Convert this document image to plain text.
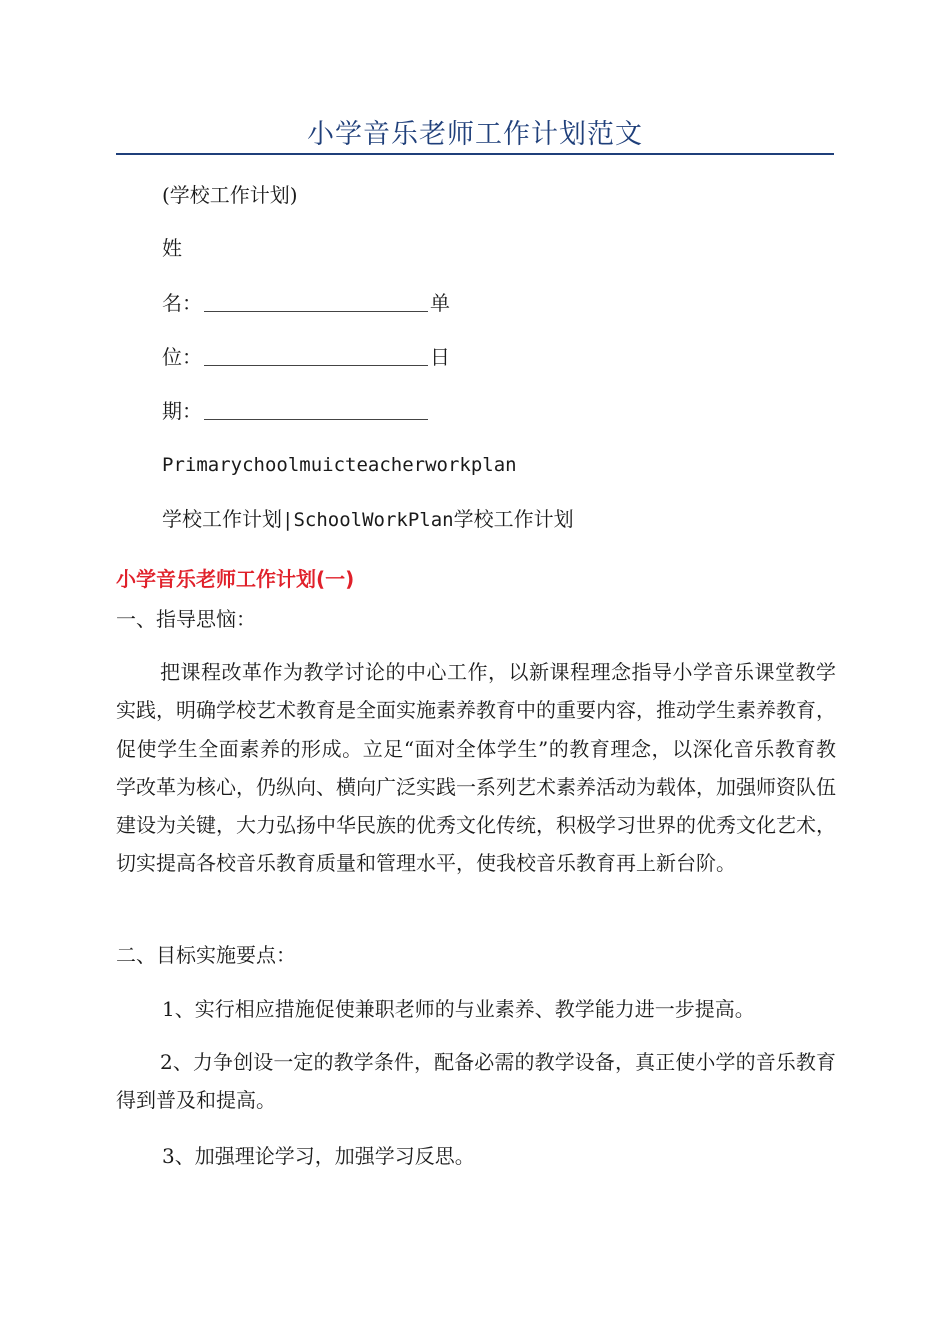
小学音乐老师工作计划范文
(学校工作计划)
姓
名：	单
位：	日
期：
Primarychoolmuicteacherworkplan
学校工作计划|SchoolWorkPlan学校工作计划
小学音乐老师工作计划(一)
一、指导思恼：
把课程改革作为教学讨论的中心工作，以新课程理念指导小学音乐课堂教学实践，明确学校艺术教育是全面实施素养教育中的重要内容，推动学生素养教育，促使学生全面素养的形成。立足“面对全体学生”的教育理念，以深化音乐教育教学改革为核心，仍纵向、横向广泛实践一系列艺术素养活动为载体，加强师资队伍建设为关键，大力弘扬中华民族的优秀文化传统，积极学习世界的优秀文化艺术，切实提高各校音乐教育质量和管理水平，使我校音乐教育再上新台阶。
二、目标实施要点：
1、实行相应措施促使兼职老师的与业素养、教学能力进一步提高。
2、力争创设一定的教学条件，配备必需的教学设备，真正使小学的音乐教育得到普及和提高。
3、加强理论学习，加强学习反思。
